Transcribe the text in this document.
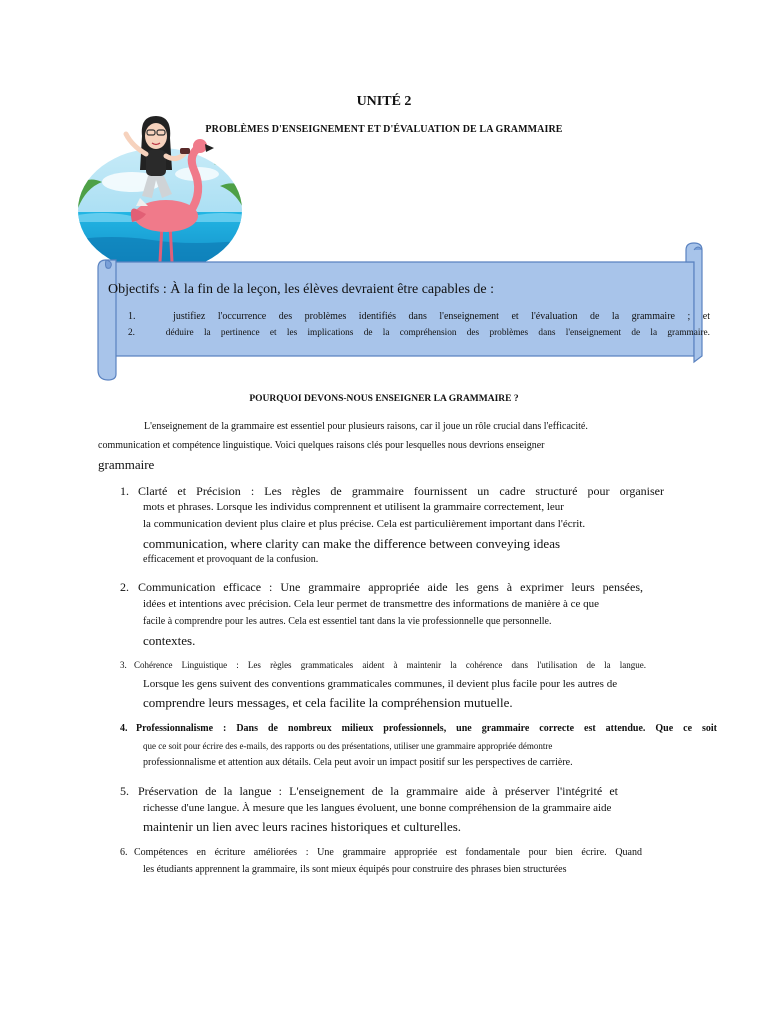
UNITÉ 2
PROBLÈMES D'ENSEIGNEMENT ET D'ÉVALUATION DE LA GRAMMAIRE
Objectifs : À la fin de la leçon, les élèves devraient être capables de :
1.	justifiez l'occurrence des problèmes identifiés dans l'enseignement et l'évaluation de la grammaire ; et
2.	déduire la pertinence et les implications de la compréhension des problèmes dans l'enseignement de la grammaire.
POURQUOI DEVONS-NOUS ENSEIGNER LA GRAMMAIRE ?
L'enseignement de la grammaire est essentiel pour plusieurs raisons, car il joue un rôle crucial dans l'efficacité.
communication et compétence linguistique. Voici quelques raisons clés pour lesquelles nous devrions enseigner
grammaire
1. Clarté et Précision : Les règles de grammaire fournissent un cadre structuré pour organiser
mots et phrases. Lorsque les individus comprennent et utilisent la grammaire correctement, leur
la communication devient plus claire et plus précise. Cela est particulièrement important dans l'écrit.
communication, where clarity can make the difference between conveying ideas
efficacement et provoquant de la confusion.
2. Communication efficace : Une grammaire appropriée aide les gens à exprimer leurs pensées,
idées et intentions avec précision. Cela leur permet de transmettre des informations de manière à ce que
facile à comprendre pour les autres. Cela est essentiel tant dans la vie professionnelle que personnelle.
contextes.
3. Cohérence Linguistique : Les règles grammaticales aident à maintenir la cohérence dans l'utilisation de la langue.
Lorsque les gens suivent des conventions grammaticales communes, il devient plus facile pour les autres de
comprendre leurs messages, et cela facilite la compréhension mutuelle.
4. Professionnalisme : Dans de nombreux milieux professionnels, une grammaire correcte est attendue. Que ce soit
que ce soit pour écrire des e-mails, des rapports ou des présentations, utiliser une grammaire appropriée démontre
professionnalisme et attention aux détails. Cela peut avoir un impact positif sur les perspectives de carrière.
5. Préservation de la langue : L'enseignement de la grammaire aide à préserver l'intégrité et
richesse d'une langue. À mesure que les langues évoluent, une bonne compréhension de la grammaire aide
maintenir un lien avec leurs racines historiques et culturelles.
6. Compétences en écriture améliorées : Une grammaire appropriée est fondamentale pour bien écrire. Quand
les étudiants apprennent la grammaire, ils sont mieux équipés pour construire des phrases bien structurées
